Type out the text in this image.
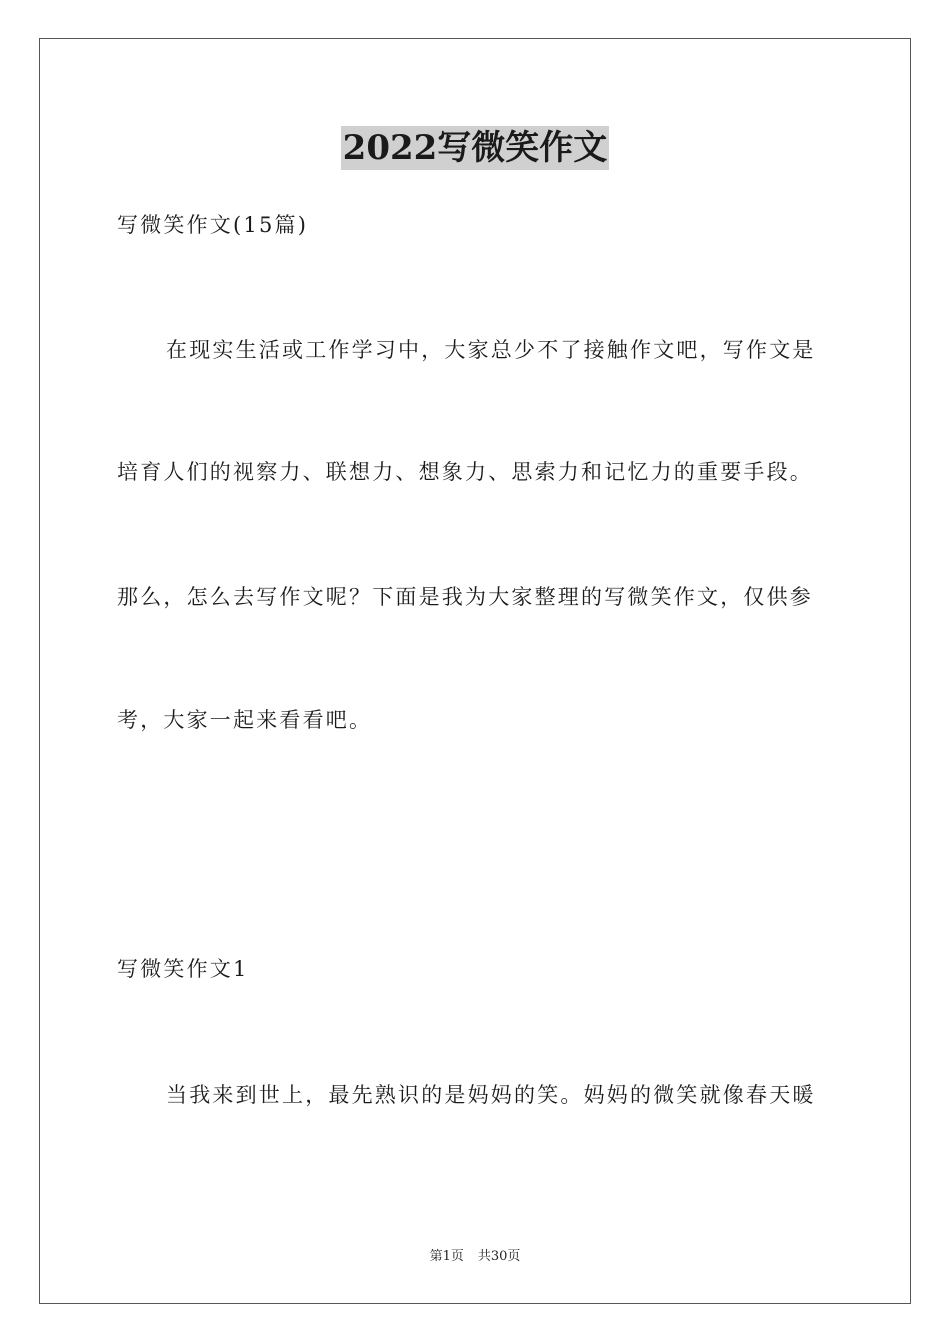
2022写微笑作文
写微笑作文(15篇)
在现实生活或工作学习中，大家总少不了接触作文吧，写作文是
培育人们的视察力、联想力、想象力、思索力和记忆力的重要手段。
那么，怎么去写作文呢？下面是我为大家整理的写微笑作文，仅供参
考，大家一起来看看吧。
写微笑作文1
当我来到世上，最先熟识的是妈妈的笑。妈妈的微笑就像春天暖
第1页 共30页
